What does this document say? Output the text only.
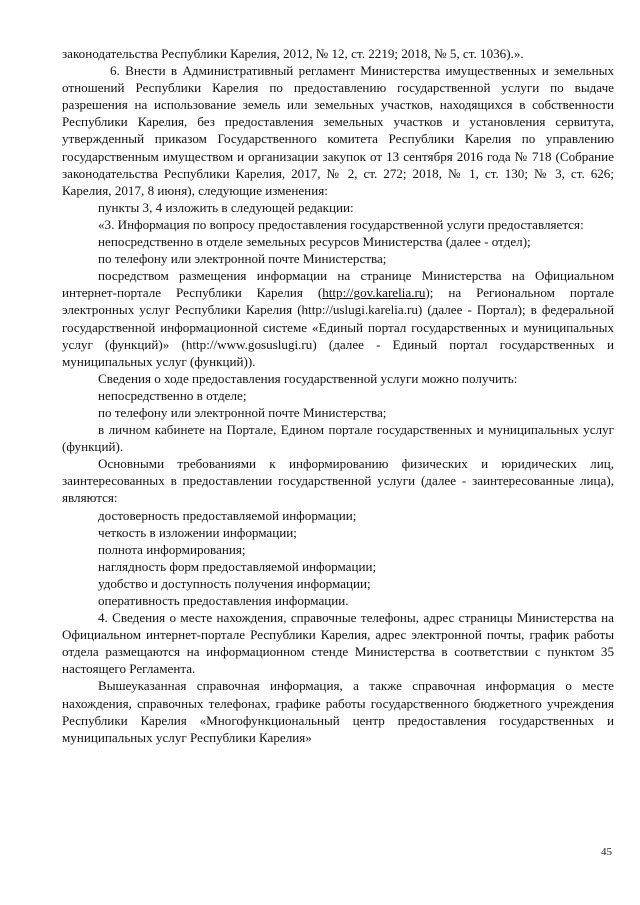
законодательства Республики Карелия, 2012, № 12, ст. 2219; 2018, № 5, ст. 1036).».

6. Внести в Административный регламент Министерства имущественных и земельных отношений Республики Карелия по предоставлению государственной услуги по выдаче разрешения на использование земель или земельных участков, находящихся в собственности Республики Карелия, без предоставления земельных участков и установления сервитута, утвержденный приказом Государственного комитета Республики Карелия по управлению государственным имуществом и организации закупок от 13 сентября 2016 года № 718 (Собрание законодательства Республики Карелия, 2017, № 2, ст. 272; 2018, № 1, ст. 130; № 3, ст. 626; Карелия, 2017, 8 июня), следующие изменения:

пункты 3, 4 изложить в следующей редакции:

«3. Информация по вопросу предоставления государственной услуги предоставляется:

непосредственно в отделе земельных ресурсов Министерства (далее - отдел);

по телефону или электронной почте Министерства;

посредством размещения информации на странице Министерства на Официальном интернет-портале Республики Карелия (http://gov.karelia.ru); на Региональном портале электронных услуг Республики Карелия (http://uslugi.karelia.ru) (далее - Портал); в федеральной государственной информационной системе «Единый портал государственных и муниципальных услуг (функций)» (http://www.gosuslugi.ru) (далее - Единый портал государственных и муниципальных услуг (функций)).

Сведения о ходе предоставления государственной услуги можно получить:

непосредственно в отделе;

по телефону или электронной почте Министерства;

в личном кабинете на Портале, Едином портале государственных и муниципальных услуг (функций).

Основными требованиями к информированию физических и юридических лиц, заинтересованных в предоставлении государственной услуги (далее - заинтересованные лица), являются:

достоверность предоставляемой информации;

четкость в изложении информации;

полнота информирования;

наглядность форм предоставляемой информации;

удобство и доступность получения информации;

оперативность предоставления информации.

4. Сведения о месте нахождения, справочные телефоны, адрес страницы Министерства на Официальном интернет-портале Республики Карелия, адрес электронной почты, график работы отдела размещаются на информационном стенде Министерства в соответствии с пунктом 35 настоящего Регламента.

Вышеуказанная справочная информация, а также справочная информация о месте нахождения, справочных телефонах, графике работы государственного бюджетного учреждения Республики Карелия «Многофункциональный центр предоставления государственных и муниципальных услуг Республики Карелия»

45
